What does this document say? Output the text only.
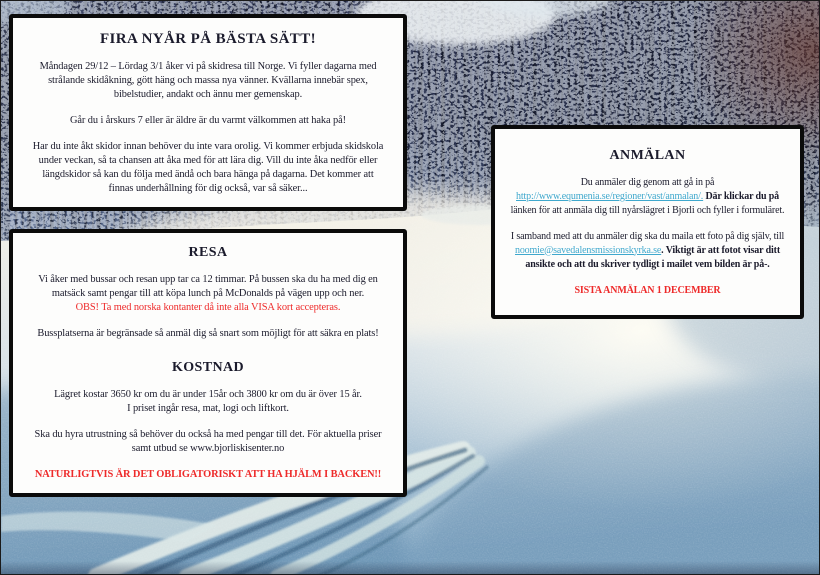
FIRA NYÅR PÅ BÄSTA SÄTT!

Måndagen 29/12 – Lördag 3/1 åker vi på skidresa till Norge. Vi fyller dagarna med strålande skidåkning, gött häng och massa nya vänner. Kvällarna innebär spex, bibelstudier, andakt och ännu mer gemenskap.

Går du i årskurs 7 eller är äldre är du varmt välkommen att haka på!

Har du inte åkt skidor innan behöver du inte vara orolig. Vi kommer erbjuda skidskola under veckan, så ta chansen att åka med för att lära dig. Vill du inte åka nedför eller längdskidor så kan du följa med ändå och bara hänga på dagarna. Det kommer att finnas underhållning för dig också, var så säker...

RESA

Vi åker med bussar och resan upp tar ca 12 timmar. På bussen ska du ha med dig en matsäck samt pengar till att köpa lunch på McDonalds på vägen upp och ner.

OBS! Ta med norska kontanter då inte alla VISA kort accepteras.

Bussplatserna är begränsade så anmäl dig så snart som möjligt för att säkra en plats!

KOSTNAD
Lägret kostar 3650 kr om du är under 15år och 3800 kr om du är över 15 år.
I priset ingår resa, mat, logi och liftkort.

Ska du hyra utrustning så behöver du också ha med pengar till det. För aktuella priser samt utbud se www.bjorliskisenter.no

NATURLIGTVIS ÄR DET OBLIGATORISKT ATT HA HJÄLM I BACKEN!!

ANMÄLAN

Du anmäler dig genom att gå in på http://www.equmenia.se/regioner/vast/anmalan/. Där klickar du på länken för att anmäla dig till nyårslägret i Bjorli och fyller i formuläret.

I samband med att du anmäler dig ska du maila ett foto på dig själv, till noomie@savedalensmissionskyrka.se. Viktigt är att fotot visar ditt ansikte och att du skriver tydligt i mailet vem bilden är på-.

SISTA ANMÄLAN 1 DECEMBER
